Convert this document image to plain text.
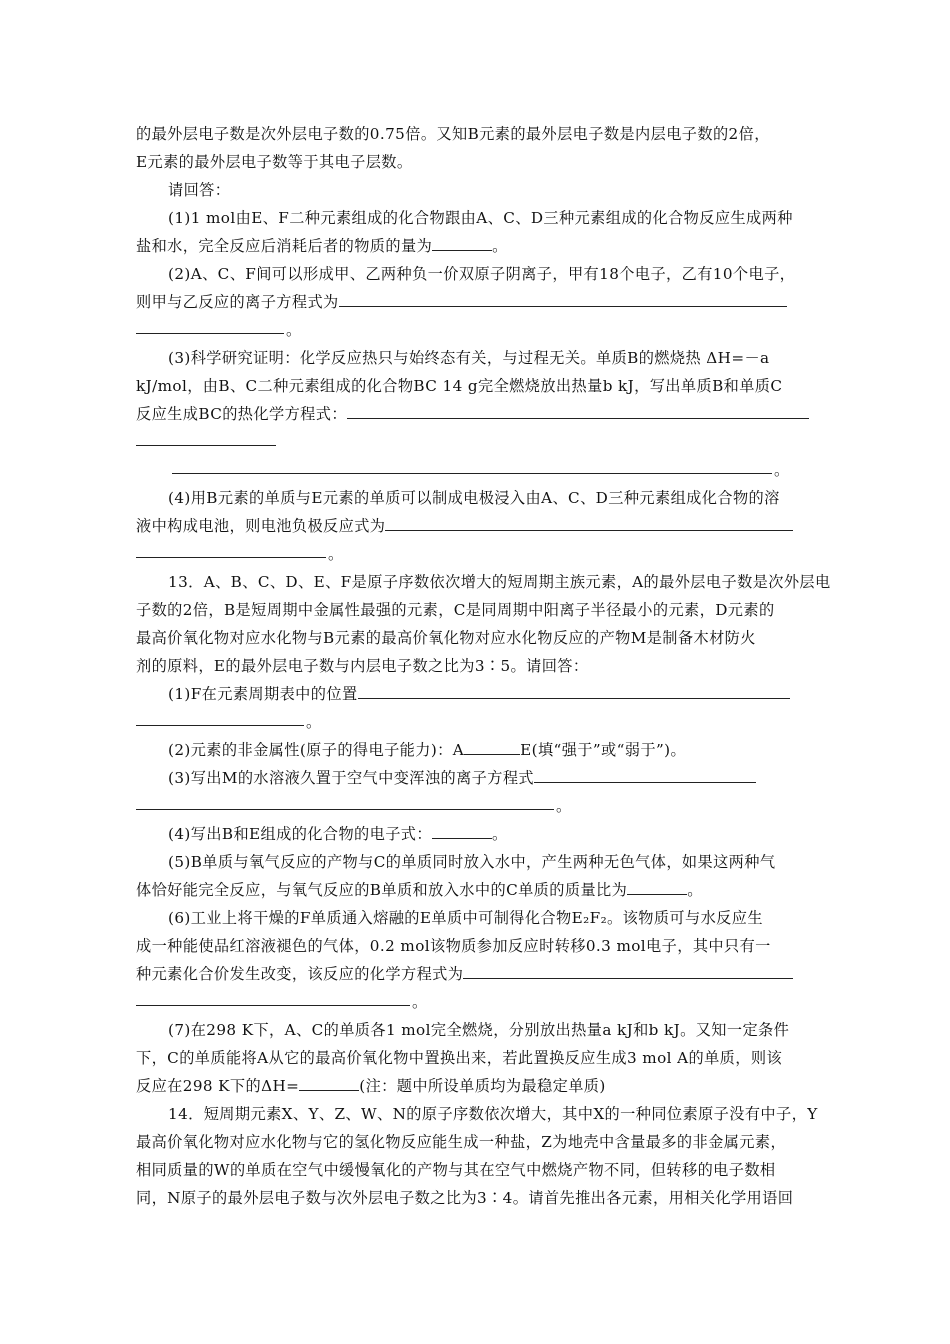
的最外层电子数是次外层电子数的0.75倍。又知B元素的最外层电子数是内层电子数的2倍，
E元素的最外层电子数等于其电子层数。
请回答：
(1)1 mol由E、F二种元素组成的化合物跟由A、C、D三种元素组成的化合物反应生成两种
盐和水，完全反应后消耗后者的物质的量为	。
(2)A、C、F间可以形成甲、乙两种负一价双原子阴离子，甲有18个电子，乙有10个电子，
则甲与乙反应的离子方程式为
。
(3)科学研究证明：化学反应热只与始终态有关，与过程无关。单质B的燃烧热 ΔH=－a
kJ/mol，由B、C二种元素组成的化合物BC 14 g完全燃烧放出热量b kJ，写出单质B和单质C
反应生成BC的热化学方程式：
。
(4)用B元素的单质与E元素的单质可以制成电极浸入由A、C、D三种元素组成化合物的溶
液中构成电池，则电池负极反应式为
。
13．A、B、C、D、E、F是原子序数依次增大的短周期主族元素，A的最外层电子数是次外层电
子数的2倍，B是短周期中金属性最强的元素，C是同周期中阳离子半径最小的元素，D元素的
最高价氧化物对应水化物与B元素的最高价氧化物对应水化物反应的产物M是制备木材防火
剂的原料，E的最外层电子数与内层电子数之比为3∶5。请回答：
(1)F在元素周期表中的位置
。
(2)元素的非金属性(原子的得电子能力)：A	E(填“强于”或“弱于”)。
(3)写出M的水溶液久置于空气中变浑浊的离子方程式
。
(4)写出B和E组成的化合物的电子式：	。
(5)B单质与氧气反应的产物与C的单质同时放入水中，产生两种无色气体，如果这两种气
体恰好能完全反应，与氧气反应的B单质和放入水中的C单质的质量比为	。
(6)工业上将干燥的F单质通入熔融的E单质中可制得化合物E₂F₂。该物质可与水反应生
成一种能使品红溶液褪色的气体，0.2 mol该物质参加反应时转移0.3 mol电子，其中只有一
种元素化合价发生改变，该反应的化学方程式为
。
(7)在298 K下，A、C的单质各1 mol完全燃烧，分别放出热量a kJ和b kJ。又知一定条件
下，C的单质能将A从它的最高价氧化物中置换出来，若此置换反应生成3 mol A的单质，则该
反应在298 K下的ΔH=	(注：题中所设单质均为最稳定单质)
14．短周期元素X、Y、Z、W、N的原子序数依次增大，其中X的一种同位素原子没有中子，Y
最高价氧化物对应水化物与它的氢化物反应能生成一种盐，Z为地壳中含量最多的非金属元素，
相同质量的W的单质在空气中缓慢氧化的产物与其在空气中燃烧产物不同，但转移的电子数相
同，N原子的最外层电子数与次外层电子数之比为3∶4。请首先推出各元素，用相关化学用语回
